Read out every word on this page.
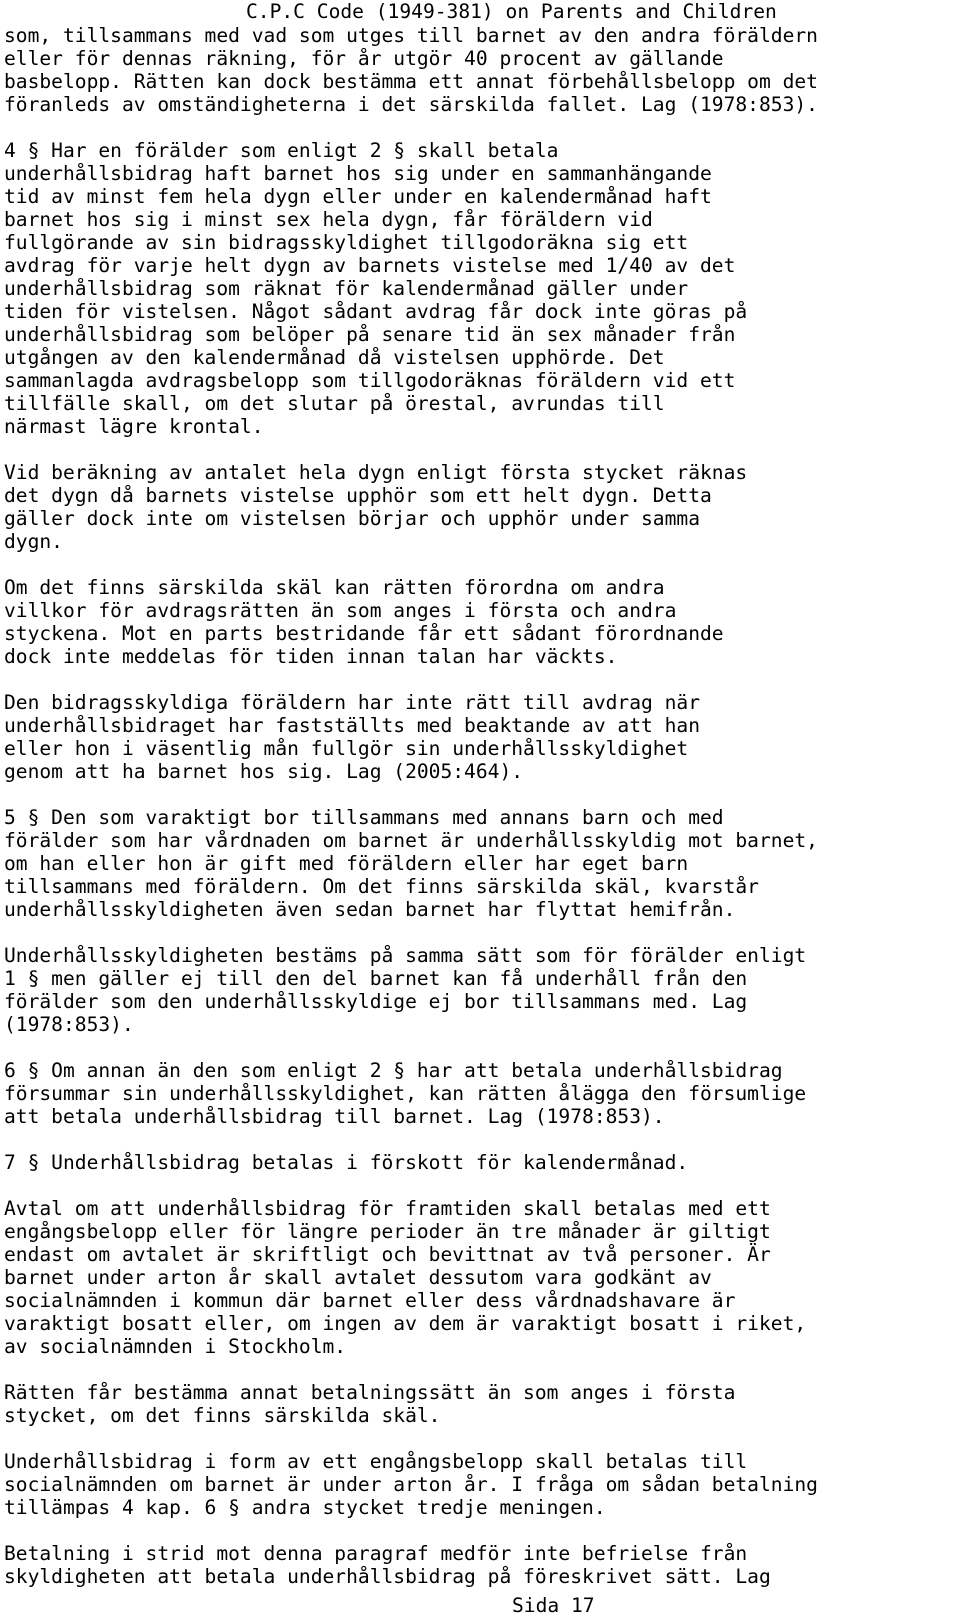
C.P.C Code (1949-381) on Parents and Children

som, tillsammans med vad som utges till barnet av den andra föräldern
eller för dennas räkning, för år utgör 40 procent av gällande
basbelopp. Rätten kan dock bestämma ett annat förbehållsbelopp om det
föranleds av omständigheterna i det särskilda fallet. Lag (1978:853).

4 § Har en förälder som enligt 2 § skall betala
underhållsbidrag haft barnet hos sig under en sammanhängande
tid av minst fem hela dygn eller under en kalendermånad haft
barnet hos sig i minst sex hela dygn, får föräldern vid
fullgörande av sin bidragsskyldighet tillgodoräkna sig ett
avdrag för varje helt dygn av barnets vistelse med 1/40 av det
underhållsbidrag som räknat för kalendermånad gäller under
tiden för vistelsen. Något sådant avdrag får dock inte göras på
underhållsbidrag som belöper på senare tid än sex månader från
utgången av den kalendermånad då vistelsen upphörde. Det
sammanlagda avdragsbelopp som tillgodoräknas föräldern vid ett
tillfälle skall, om det slutar på örestal, avrundas till
närmast lägre krontal.

Vid beräkning av antalet hela dygn enligt första stycket räknas
det dygn då barnets vistelse upphör som ett helt dygn. Detta
gäller dock inte om vistelsen börjar och upphör under samma
dygn.

Om det finns särskilda skäl kan rätten förordna om andra
villkor för avdragsrätten än som anges i första och andra
styckena. Mot en parts bestridande får ett sådant förordnande
dock inte meddelas för tiden innan talan har väckts.

Den bidragsskyldiga föräldern har inte rätt till avdrag när
underhållsbidraget har fastställts med beaktande av att han
eller hon i väsentlig mån fullgör sin underhållsskyldighet
genom att ha barnet hos sig. Lag (2005:464).

5 § Den som varaktigt bor tillsammans med annans barn och med
förälder som har vårdnaden om barnet är underhållsskyldig mot barnet,
om han eller hon är gift med föräldern eller har eget barn
tillsammans med föräldern. Om det finns särskilda skäl, kvarstår
underhållsskyldigheten även sedan barnet har flyttat hemifrån.

Underhållsskyldigheten bestäms på samma sätt som för förälder enligt
1 § men gäller ej till den del barnet kan få underhåll från den
förälder som den underhållsskyldige ej bor tillsammans med. Lag
(1978:853).

6 § Om annan än den som enligt 2 § har att betala underhållsbidrag
försummar sin underhållsskyldighet, kan rätten ålägga den försumlige
att betala underhållsbidrag till barnet. Lag (1978:853).

7 § Underhållsbidrag betalas i förskott för kalendermånad.

Avtal om att underhållsbidrag för framtiden skall betalas med ett
engångsbelopp eller för längre perioder än tre månader är giltigt
endast om avtalet är skriftligt och bevittnat av två personer. Är
barnet under arton år skall avtalet dessutom vara godkänt av
socialnämnden i kommun där barnet eller dess vårdnadshavare är
varaktigt bosatt eller, om ingen av dem är varaktigt bosatt i riket,
av socialnämnden i Stockholm.

Rätten får bestämma annat betalningssätt än som anges i första
stycket, om det finns särskilda skäl.

Underhållsbidrag i form av ett engångsbelopp skall betalas till
socialnämnden om barnet är under arton år. I fråga om sådan betalning
tillämpas 4 kap. 6 § andra stycket tredje meningen.

Betalning i strid mot denna paragraf medför inte befrielse från
skyldigheten att betala underhållsbidrag på föreskrivet sätt. Lag

Sida 17
